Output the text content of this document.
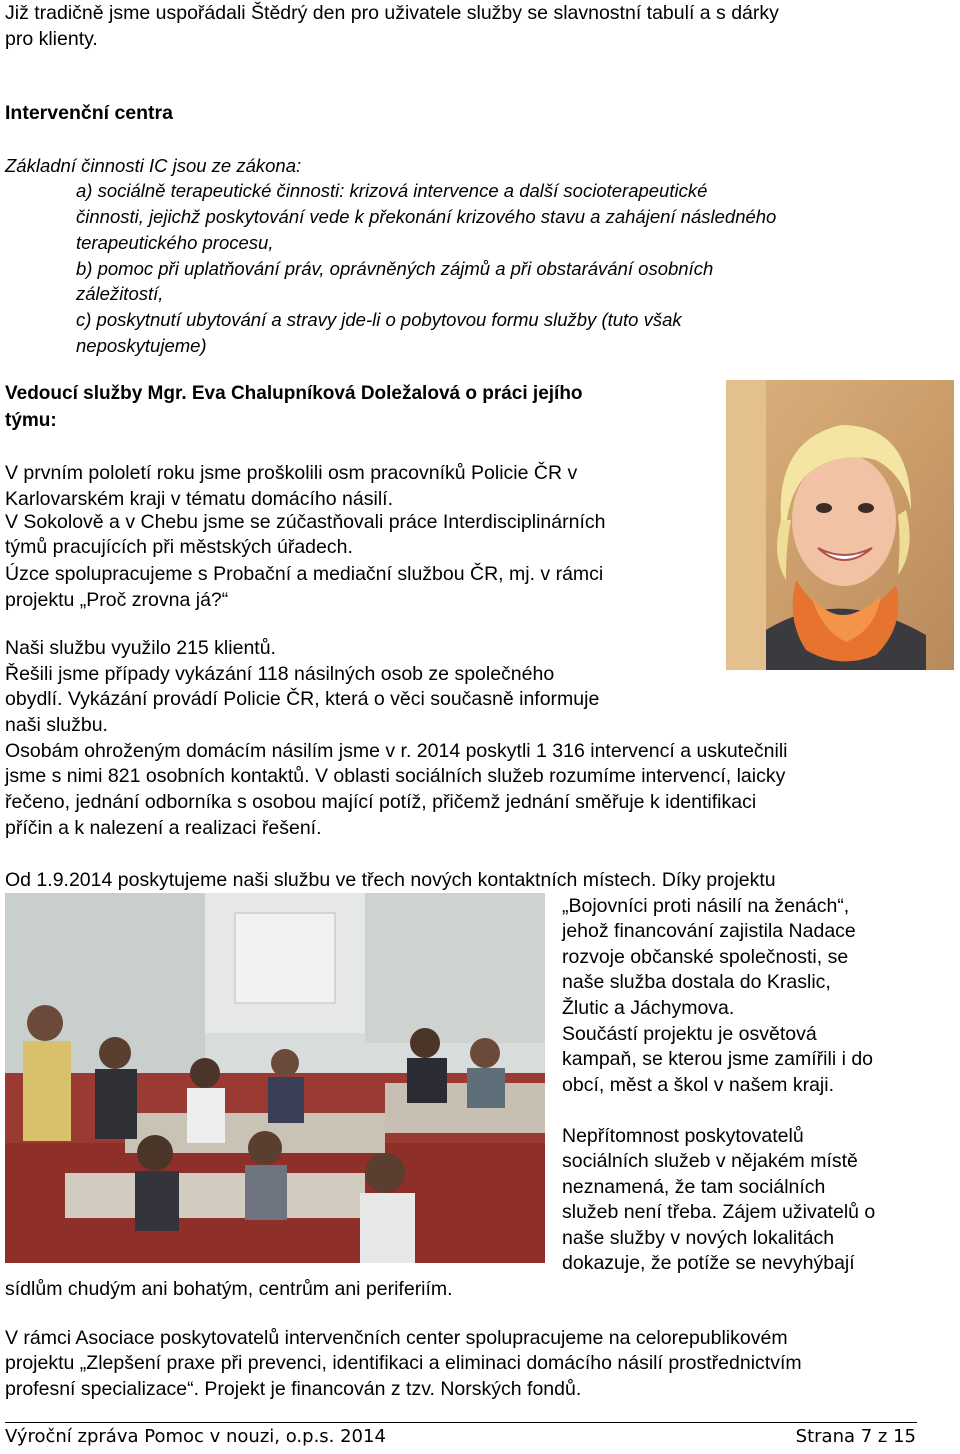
Již tradičně jsme uspořádali Štědrý den pro uživatele služby se slavnostní tabulí a s dárky
pro klienty.
Intervenční centra
Základní činnosti IC jsou ze zákona:
a) sociálně terapeutické činnosti: krizová intervence a další socioterapeutické
činnosti, jejichž poskytování vede k překonání krizového stavu a zahájení následného
terapeutického procesu,
b) pomoc při uplatňování práv, oprávněných zájmů a při obstarávání osobních
záležitostí,
c) poskytnutí ubytování a stravy jde-li o pobytovou formu služby (tuto však
neposkytujeme)
Vedoucí služby Mgr. Eva Chalupníková Doležalová o práci jejího
týmu:
V prvním pololetí roku jsme proškolili osm pracovníků Policie ČR v
Karlovarském kraji v tématu domácího násilí.
V Sokolově a v Chebu jsme se zúčastňovali práce Interdisciplinárních
týmů pracujících při městských úřadech.
Úzce spolupracujeme s Probační a mediační službou ČR, mj. v rámci
projektu „Proč zrovna já?“
Naši službu využilo 215 klientů.
Řešili jsme případy vykázání 118 násilných osob ze společného
obydlí. Vykázání provádí Policie ČR, která o věci současně informuje
naši službu.
Osobám ohroženým domácím násilím jsme v r. 2014 poskytli 1 316 intervencí a uskutečnili
jsme s nimi 821 osobních kontaktů. V oblasti sociálních služeb rozumíme intervencí, laicky
řečeno, jednání odborníka s osobou mající potíž, přičemž jednání směřuje k identifikaci
příčin a k nalezení a realizaci řešení.
Od 1.9.2014 poskytujeme naši službu ve třech nových kontaktních místech. Díky projektu
„Bojovníci proti násilí na ženách“,
jehož financování zajistila Nadace
rozvoje občanské společnosti, se
naše služba dostala do Kraslic,
Žlutic a Jáchymova.
Součástí projektu je osvětová
kampaň, se kterou jsme zamířili i do
obcí, měst a škol v našem kraji.
Nepřítomnost poskytovatelů
sociálních služeb v nějakém místě
neznamená, že tam sociálních
služeb není třeba. Zájem uživatelů o
naše služby v nových lokalitách
dokazuje, že potíže se nevyhýbají
sídlům chudým ani bohatým, centrům ani periferiím.
V rámci Asociace poskytovatelů intervenčních center spolupracujeme na celorepublikovém
projektu „Zlepšení praxe při prevenci, identifikaci a eliminaci domácího násilí prostřednictvím
profesní specializace“. Projekt je financován z tzv. Norských fondů.
Výroční zpráva Pomoc v nouzi, o.p.s. 2014	Strana 7 z 15
